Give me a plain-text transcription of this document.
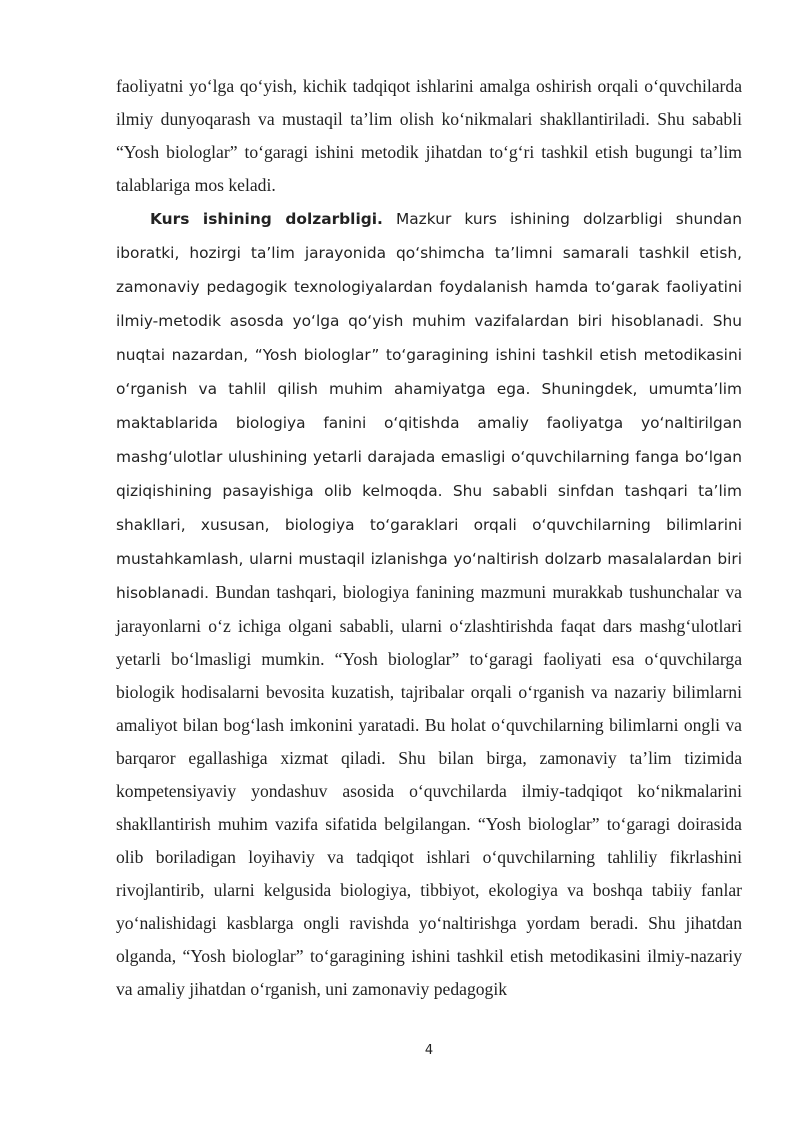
faoliyatni yo‘lga qo‘yish, kichik tadqiqot ishlarini amalga oshirish orqali o‘quvchilarda ilmiy dunyoqarash va mustaqil ta’lim olish ko‘nikmalari shakllantiriladi. Shu sababli “Yosh biologlar” to‘garagi ishini metodik jihatdan to‘g‘ri tashkil etish bugungi ta’lim talablariga mos keladi.

Kurs ishining dolzarbligi. Mazkur kurs ishining dolzarbligi shundan iboratki, hozirgi ta’lim jarayonida qo‘shimcha ta’limni samarali tashkil etish, zamonaviy pedagogik texnologiyalardan foydalanish hamda to‘garak faoliyatini ilmiy-metodik asosda yo‘lga qo‘yish muhim vazifalardan biri hisoblanadi. Shu nuqtai nazardan, “Yosh biologlar” to‘garagining ishini tashkil etish metodikasini o‘rganish va tahlil qilish muhim ahamiyatga ega. Shuningdek, umumta’lim maktablarida biologiya fanini o‘qitishda amaliy faoliyatga yoʻnaltirilgan mashg‘ulotlar ulushining yetarli darajada emasligi o‘quvchilarning fanga bo‘lgan qiziqishining pasayishiga olib kelmoqda. Shu sababli sinfdan tashqari ta’lim shakllari, xususan, biologiya to‘garaklari orqali o‘quvchilarning bilimlarini mustahkamlash, ularni mustaqil izlanishga yoʻnaltirish dolzarb masalalardan biri hisoblanadi. Bundan tashqari, biologiya fanining mazmuni murakkab tushunchalar va jarayonlarni o‘z ichiga olgani sababli, ularni o‘zlashtirishda faqat dars mashg‘ulotlari yetarli bo‘lmasligi mumkin. “Yosh biologlar” to‘garagi faoliyati esa o‘quvchilarga biologik hodisalarni bevosita kuzatish, tajribalar orqali o‘rganish va nazariy bilimlarni amaliyot bilan bog‘lash imkonini yaratadi. Bu holat o‘quvchilarning bilimlarni ongli va barqaror egallashiga xizmat qiladi. Shu bilan birga, zamonaviy ta’lim tizimida kompetensiyaviy yondashuv asosida o‘quvchilarda ilmiy-tadqiqot ko‘nikmalarini shakllantirish muhim vazifa sifatida belgilangan. “Yosh biologlar” to‘garagi doirasida olib boriladigan loyihaviy va tadqiqot ishlari o‘quvchilarning tahliliy fikrlashini rivojlantirib, ularni kelgusida biologiya, tibbiyot, ekologiya va boshqa tabiiy fanlar yo‘nalishidagi kasblarga ongli ravishda yo‘naltirishga yordam beradi. Shu jihatdan olganda, “Yosh biologlar” to‘garagining ishini tashkil etish metodikasini ilmiy-nazariy va amaliy jihatdan o‘rganish, uni zamonaviy pedagogik

4
